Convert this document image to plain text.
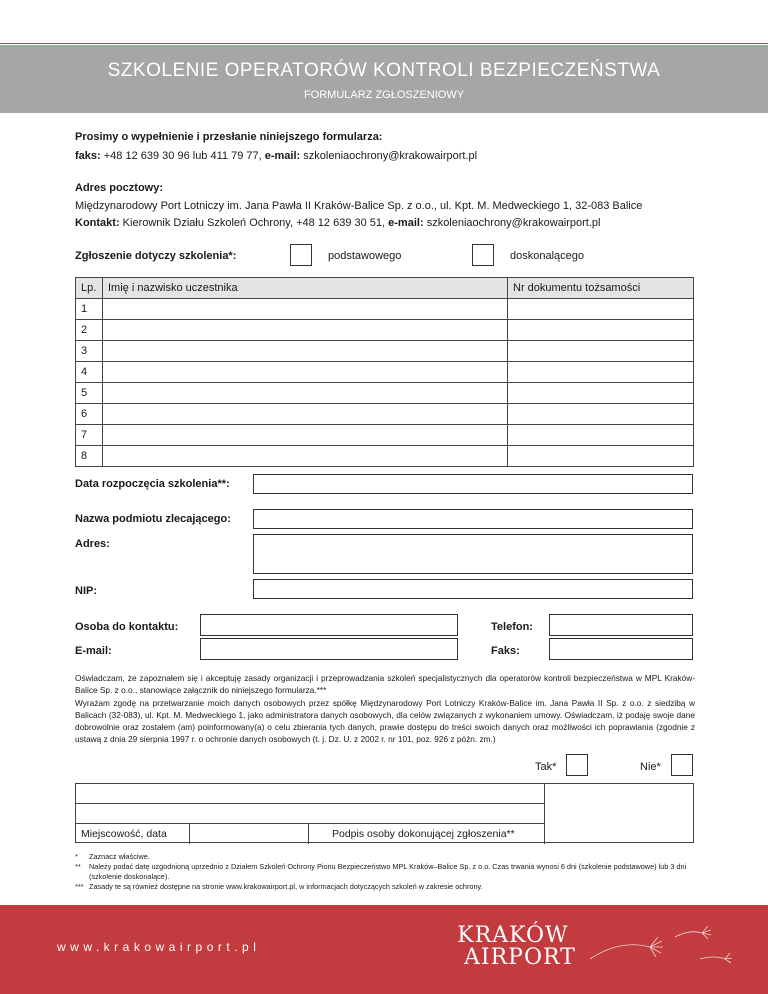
SZKOLENIE OPERATORÓW KONTROLI BEZPIECZEŃSTWA
FORMULARZ ZGŁOSZENIOWY
Prosimy o wypełnienie i przesłanie niniejszego formularza:
faks: +48 12 639 30 96 lub 411 79 77, e-mail: szkoleniaochrony@krakowairport.pl
Adres pocztowy:
Międzynarodowy Port Lotniczy im. Jana Pawła II Kraków-Balice Sp. z o.o., ul. Kpt. M. Medweckiego 1, 32-083 Balice
Kontakt: Kierownik Działu Szkoleń Ochrony, +48 12 639 30 51, e-mail: szkoleniaochrony@krakowairport.pl
Zgłoszenie dotyczy szkolenia*:	podstawowego	doskonalącego
Lp.	Imię i nazwisko uczestnika	Nr dokumentu tożsamości
1		
2		
3		
4		
5		
6		
7		
8		
Data rozpoczęcia szkolenia**:
Nazwa podmiotu zlecającego:
Adres:
NIP:
Osoba do kontaktu:	Telefon:
E-mail:	Faks:
Oświadczam, że zapoznałem się i akceptuję zasady organizacji i przeprowadzania szkoleń specjalistycznych dla operatorów kontroli bezpieczeństwa w MPL Kraków-Balice Sp. z o.o., stanowiące załącznik do niniejszego formularza.***
Wyrażam zgodę na przetwarzanie moich danych osobowych przez spółkę Międzynarodowy Port Lotniczy Kraków-Balice im. Jana Pawła II Sp. z o.o. z siedzibą w Balicach (32-083), ul. Kpt. M. Medweckiego 1, jako administratora danych osobowych, dla celów związanych z wykonaniem umowy. Oświadczam, iż podaję swoje dane dobrowolnie oraz zostałem (am) poinformowany(a) o celu zbierania tych danych, prawie dostępu do treści swoich danych oraz możliwości ich poprawiania (zgodnie z ustawą z dnia 29 sierpnia 1997 r. o ochronie danych osobowych (t. j. Dz. U. z 2002 r. nr 101, poz. 926 z późn. zm.)
Tak*	Nie*
Miejscowość, data	Podpis osoby dokonującej zgłoszenia**
* Zaznacz właściwe.
** Należy podać datę uzgodnioną uprzednio z Działem Szkoleń Ochrony Pionu Bezpieczeństwo MPL Kraków–Balice Sp. z o.o. Czas trwania wynosi 6 dni (szkolenie podstawowe) lub 3 dni (szkolenie doskonalące).
*** Zasady te są również dostępne na stronie www.krakowairport.pl, w informacjach dotyczących szkoleń w zakresie ochrony.
www.krakowairport.pl	KRAKÓW
AIRPORT
